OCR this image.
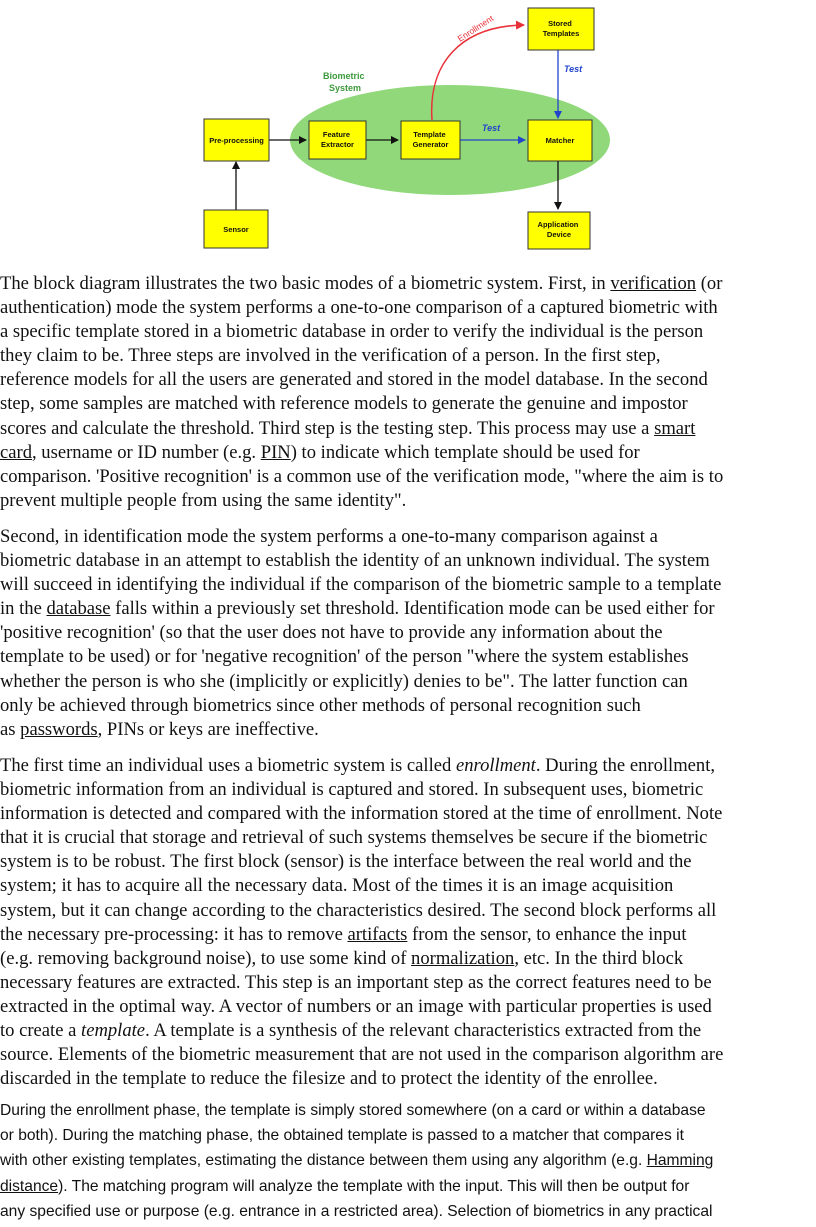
Biometric System
Enrollment
Test
Test
Stored Templates
Pre-processing
Feature Extractor
Template Generator	Matcher
Sensor
Application Device

The block diagram illustrates the two basic modes of a biometric system. First, in verification (or
authentication) mode the system performs a one-to-one comparison of a captured biometric with
a specific template stored in a biometric database in order to verify the individual is the person
they claim to be. Three steps are involved in the verification of a person. In the first step,
reference models for all the users are generated and stored in the model database. In the second
step, some samples are matched with reference models to generate the genuine and impostor
scores and calculate the threshold. Third step is the testing step. This process may use a smart
card, username or ID number (e.g. PIN) to indicate which template should be used for
comparison. 'Positive recognition' is a common use of the verification mode, "where the aim is to
prevent multiple people from using the same identity".

Second, in identification mode the system performs a one-to-many comparison against a
biometric database in an attempt to establish the identity of an unknown individual. The system
will succeed in identifying the individual if the comparison of the biometric sample to a template
in the database falls within a previously set threshold. Identification mode can be used either for
'positive recognition' (so that the user does not have to provide any information about the
template to be used) or for 'negative recognition' of the person "where the system establishes
whether the person is who she (implicitly or explicitly) denies to be". The latter function can
only be achieved through biometrics since other methods of personal recognition such
as passwords, PINs or keys are ineffective.

The first time an individual uses a biometric system is called enrollment. During the enrollment,
biometric information from an individual is captured and stored. In subsequent uses, biometric
information is detected and compared with the information stored at the time of enrollment. Note
that it is crucial that storage and retrieval of such systems themselves be secure if the biometric
system is to be robust. The first block (sensor) is the interface between the real world and the
system; it has to acquire all the necessary data. Most of the times it is an image acquisition
system, but it can change according to the characteristics desired. The second block performs all
the necessary pre-processing: it has to remove artifacts from the sensor, to enhance the input
(e.g. removing background noise), to use some kind of normalization, etc. In the third block
necessary features are extracted. This step is an important step as the correct features need to be
extracted in the optimal way. A vector of numbers or an image with particular properties is used
to create a template. A template is a synthesis of the relevant characteristics extracted from the
source. Elements of the biometric measurement that are not used in the comparison algorithm are
discarded in the template to reduce the filesize and to protect the identity of the enrollee.

During the enrollment phase, the template is simply stored somewhere (on a card or within a database
or both). During the matching phase, the obtained template is passed to a matcher that compares it
with other existing templates, estimating the distance between them using any algorithm (e.g. Hamming
distance). The matching program will analyze the template with the input. This will then be output for
any specified use or purpose (e.g. entrance in a restricted area). Selection of biometrics in any practical
